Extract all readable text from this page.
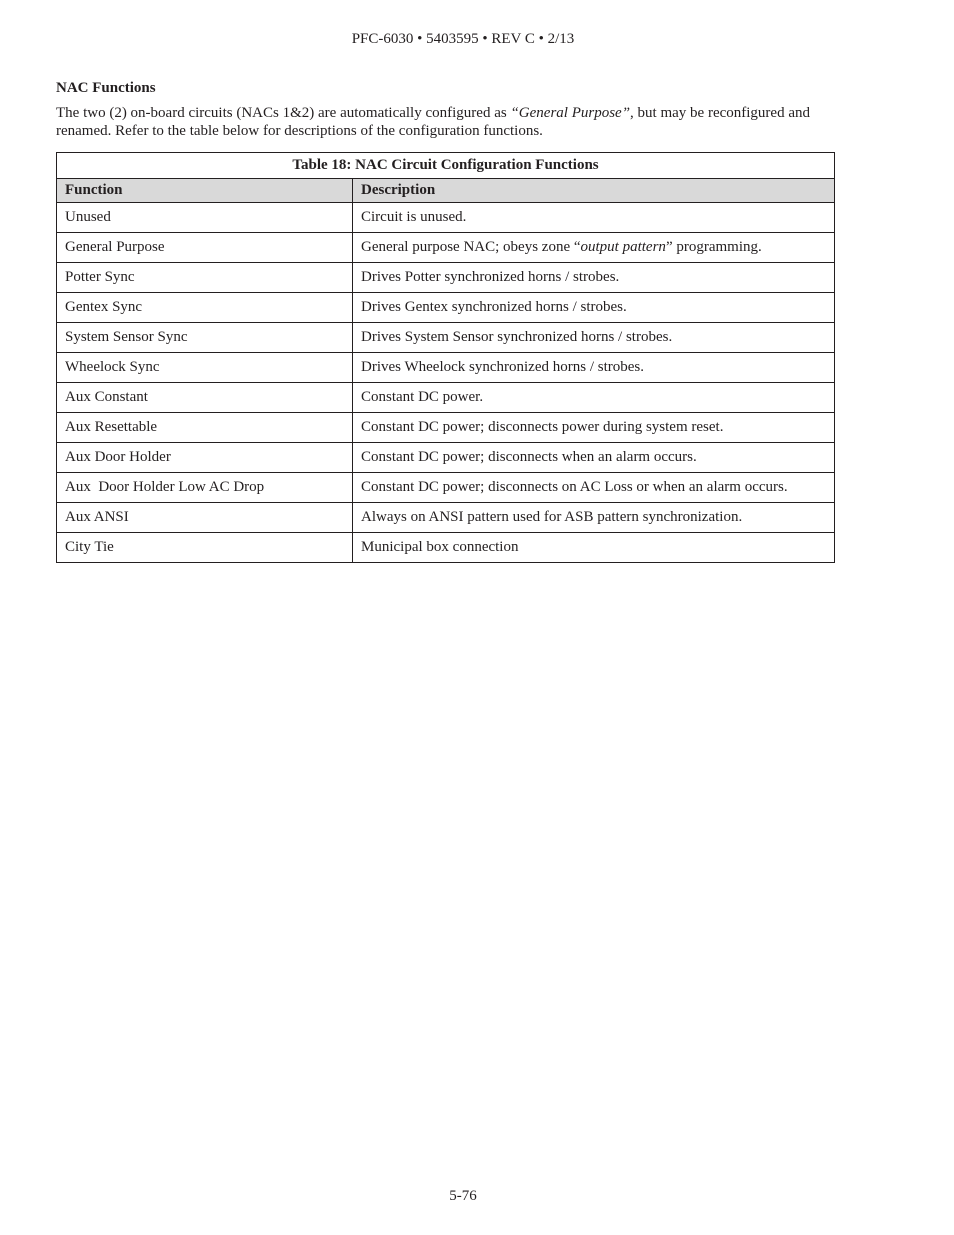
PFC-6030 • 5403595 • REV C • 2/13
NAC Functions

The two (2) on-board circuits (NACs 1&2) are automatically configured as “General Purpose”, but may be reconfigured and renamed. Refer to the table below for descriptions of the configuration functions.

Table 18: NAC Circuit Configuration Functions	
Function	Description
Unused	Circuit is unused.
General Purpose	General purpose NAC; obeys zone “output pattern” programming.
Potter Sync	Drives Potter synchronized horns / strobes.
Gentex Sync	Drives Gentex synchronized horns / strobes.
System Sensor Sync	Drives System Sensor synchronized horns / strobes.
Wheelock Sync	Drives Wheelock synchronized horns / strobes.
Aux Constant	Constant DC power.
Aux Resettable	Constant DC power; disconnects power during system reset.
Aux Door Holder	Constant DC power; disconnects when an alarm occurs.
Aux  Door Holder Low AC Drop	Constant DC power; disconnects on AC Loss or when an alarm occurs.
Aux ANSI	Always on ANSI pattern used for ASB pattern synchronization.
City Tie	Municipal box connection
5-76
